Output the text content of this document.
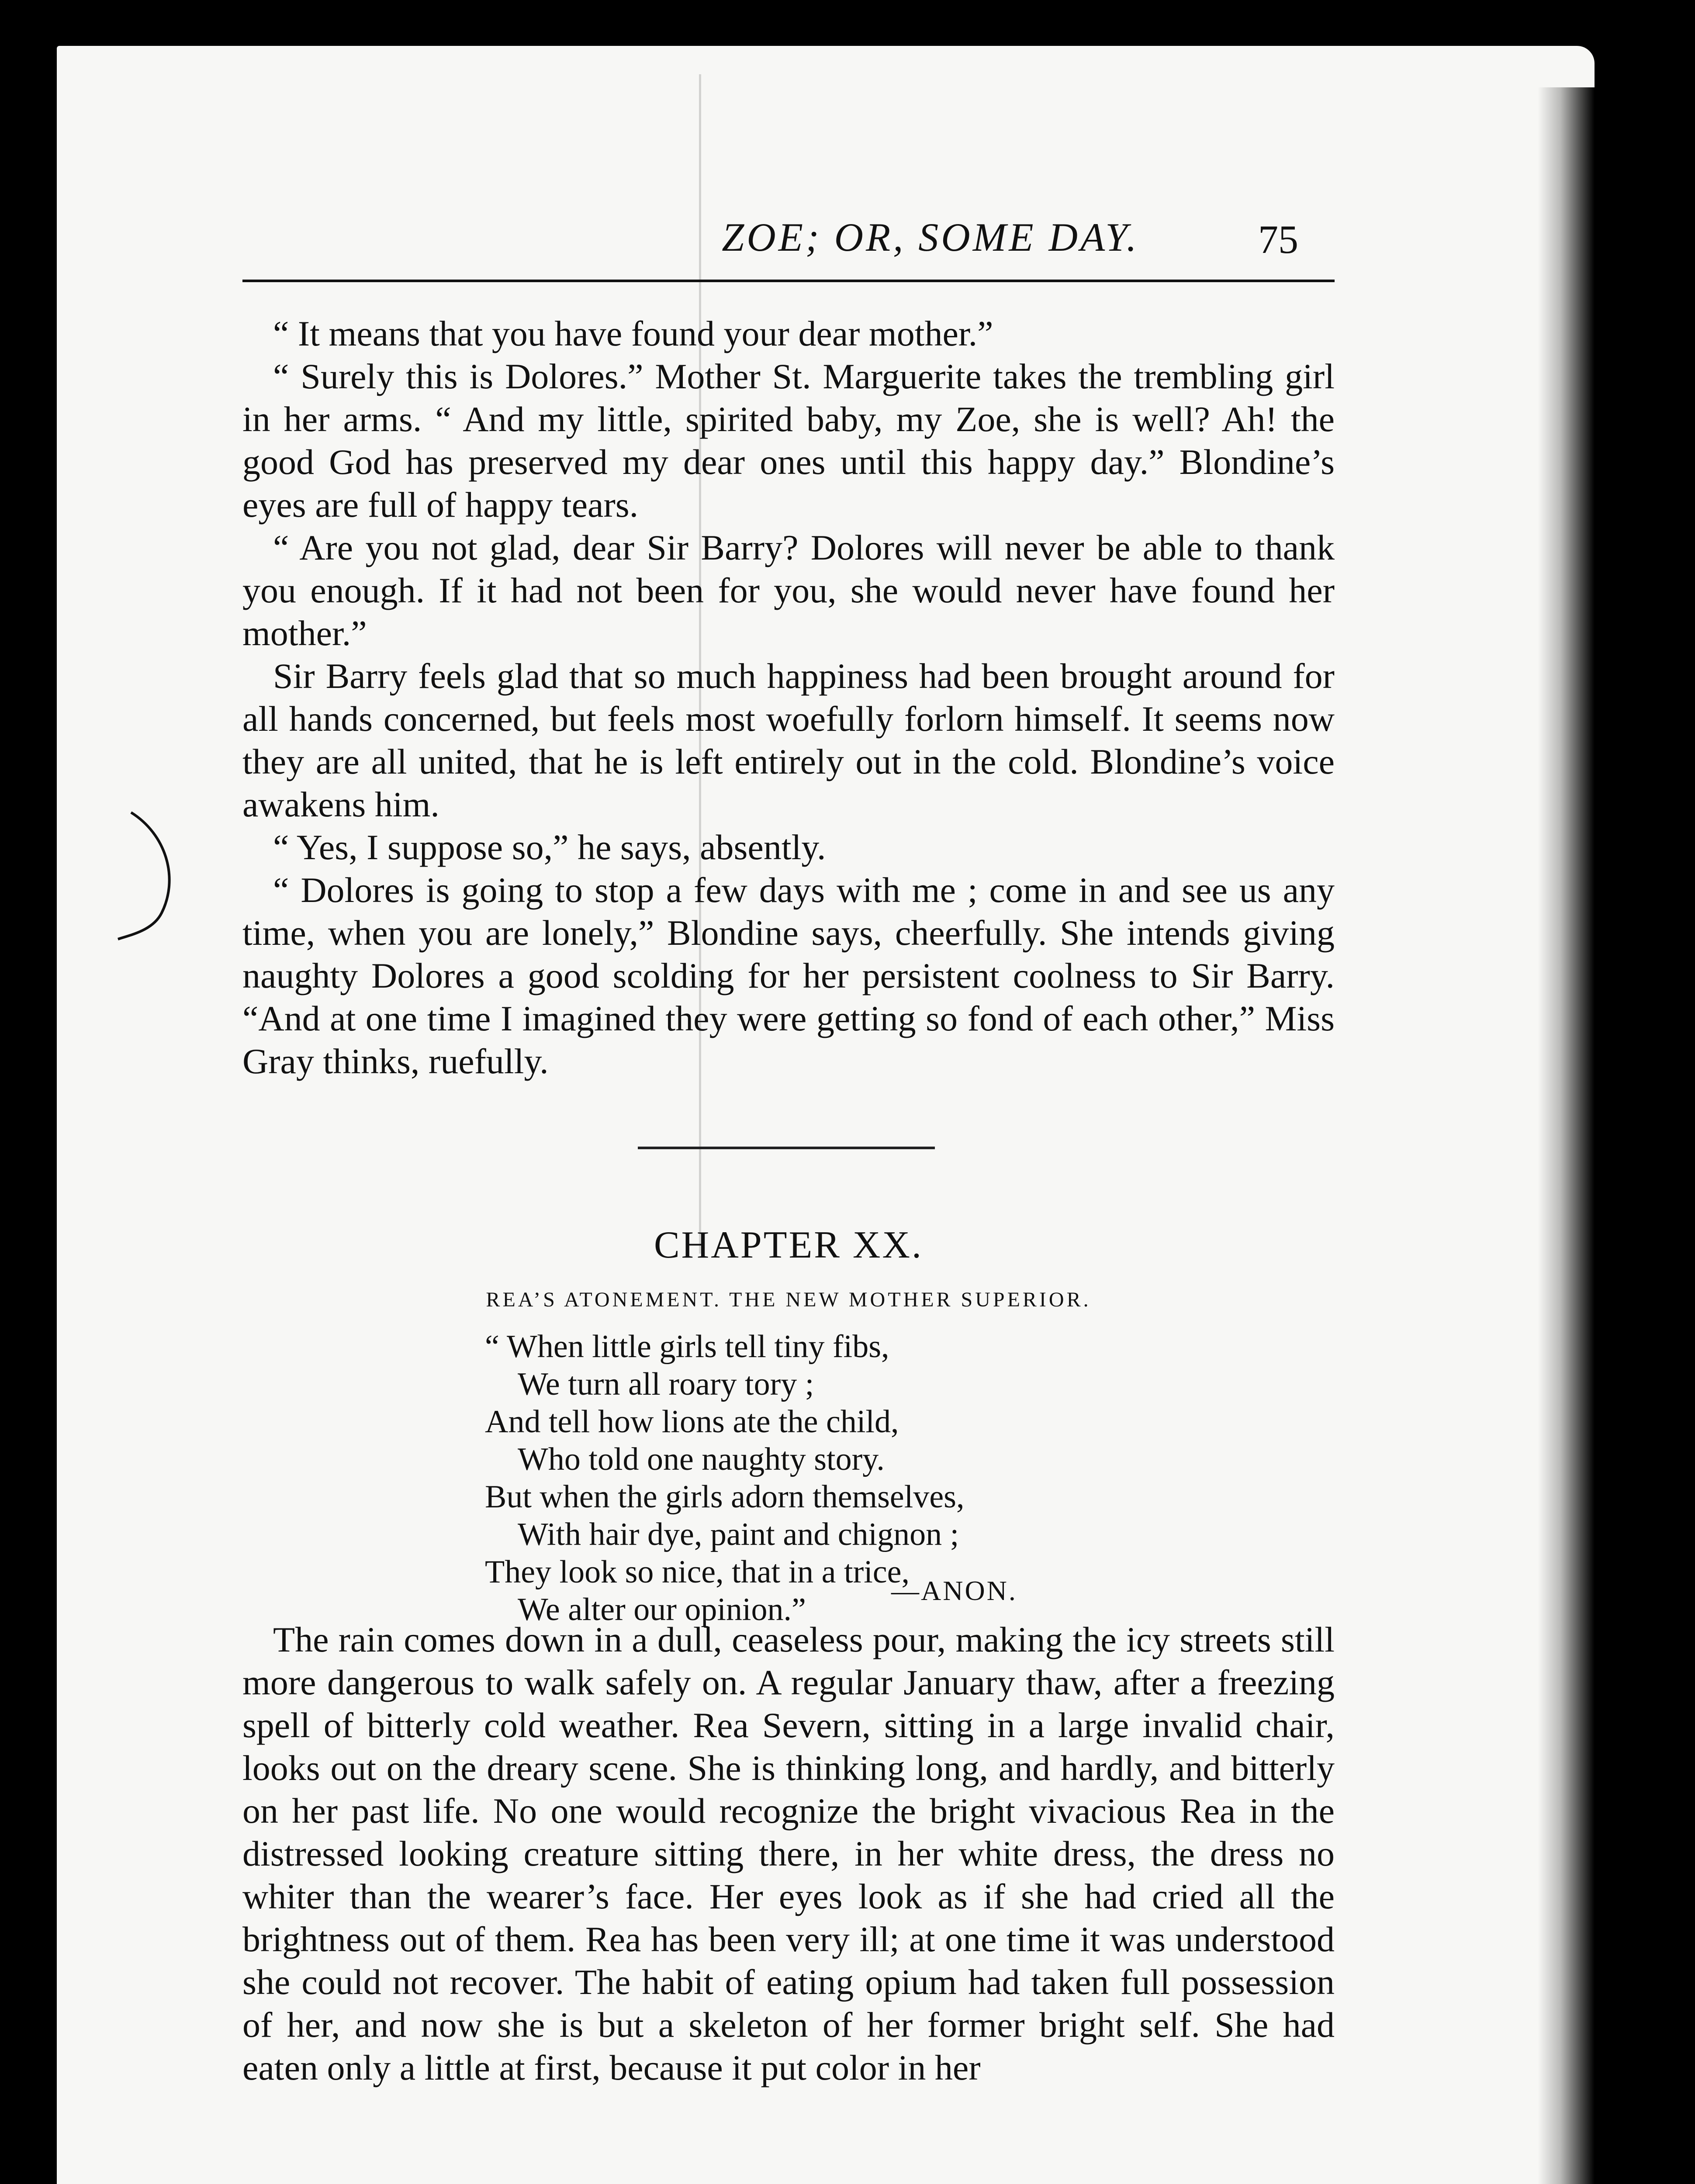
ZOE; OR, SOME DAY.	75

“ It means that you have found your dear mother.”

“ Surely this is Dolores.” Mother St. Marguerite takes the trembling girl in her arms. “ And my little, spirited baby, my Zoe, she is well? Ah! the good God has preserved my dear ones until this happy day.” Blondine’s eyes are full of happy tears.

“ Are you not glad, dear Sir Barry? Dolores will never be able to thank you enough. If it had not been for you, she would never have found her mother.”

Sir Barry feels glad that so much happiness had been brought around for all hands concerned, but feels most woefully forlorn himself. It seems now they are all united, that he is left entirely out in the cold. Blondine’s voice awakens him.

“ Yes, I suppose so,” he says, absently.

“ Dolores is going to stop a few days with me ; come in and see us any time, when you are lonely,” Blondine says, cheerfully. She intends giving naughty Dolores a good scolding for her persistent coolness to Sir Barry. “And at one time I imagined they were getting so fond of each other,” Miss Gray thinks, ruefully.

CHAPTER XX.
REA’S ATONEMENT. THE NEW MOTHER SUPERIOR.
“ When little girls tell tiny fibs,
We turn all roary tory ;
And tell how lions ate the child,
Who told one naughty story.
But when the girls adorn themselves,
With hair dye, paint and chignon ;
They look so nice, that in a trice,
We alter our opinion.”
—ANON.

The rain comes down in a dull, ceaseless pour, making the icy streets still more dangerous to walk safely on. A regular January thaw, after a freezing spell of bitterly cold weather. Rea Severn, sitting in a large invalid chair, looks out on the dreary scene. She is thinking long, and hardly, and bitterly on her past life. No one would recognize the bright vivacious Rea in the distressed looking creature sitting there, in her white dress, the dress no whiter than the wearer’s face. Her eyes look as if she had cried all the brightness out of them. Rea has been very ill; at one time it was understood she could not recover. The habit of eating opium had taken full possession of her, and now she is but a skeleton of her former bright self. She had eaten only a little at first, because it put color in her
